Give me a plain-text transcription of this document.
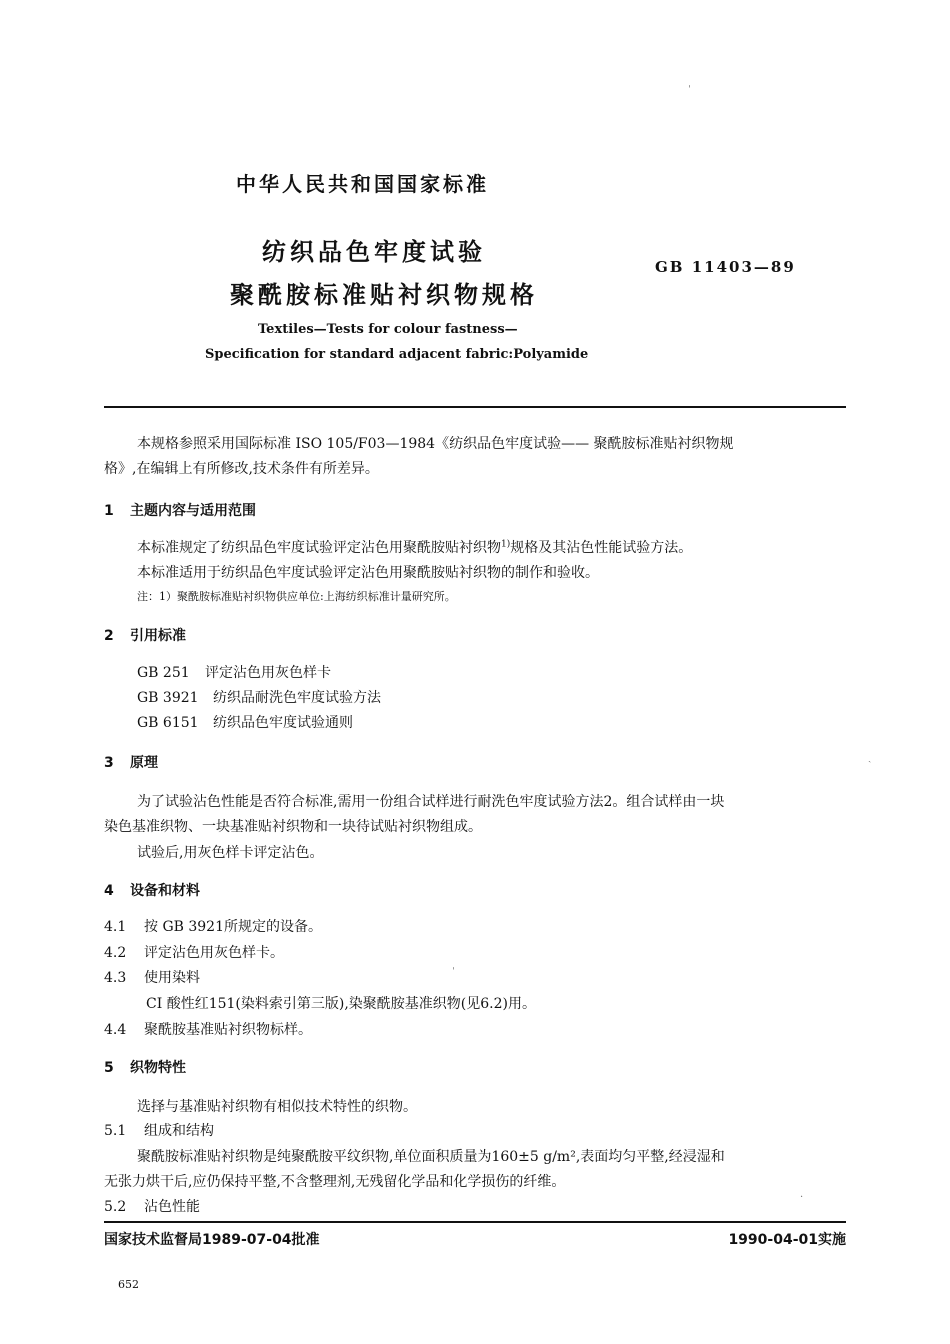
中华人民共和国国家标准
纺织品色牢度试验
聚酰胺标准贴衬织物规格
GB 11403—89
Textiles—Tests for colour fastness—
Specification for standard adjacent fabric:Polyamide
本规格参照采用国际标准 ISO 105/F03—1984《纺织品色牢度试验—— 聚酰胺标准贴衬织物规
格》,在编辑上有所修改,技术条件有所差异。
1 主题内容与适用范围
本标准规定了纺织品色牢度试验评定沾色用聚酰胺贴衬织物$^{1)}$规格及其沾色性能试验方法。
本标准适用于纺织品色牢度试验评定沾色用聚酰胺贴衬织物的制作和验收。
注：1）聚酰胺标准贴衬织物供应单位:上海纺织标准计量研究所。
2 引用标准
GB 251 评定沾色用灰色样卡
GB 3921 纺织品耐洗色牢度试验方法
GB 6151 纺织品色牢度试验通则
3 原理
为了试验沾色性能是否符合标准,需用一份组合试样进行耐洗色牢度试验方法2。组合试样由一块
染色基准织物、一块基准贴衬织物和一块待试贴衬织物组成。
试验后,用灰色样卡评定沾色。
4 设备和材料
4.1 按 GB 3921所规定的设备。
4.2 评定沾色用灰色样卡。
4.3 使用染料
CI 酸性红151(染料索引第三版),染聚酰胺基准织物(见6.2)用。
4.4 聚酰胺基准贴衬织物标样。
5 织物特性
选择与基准贴衬织物有相似技术特性的织物。
5.1 组成和结构
聚酰胺标准贴衬织物是纯聚酰胺平纹织物,单位面积质量为160±5 g/m²,表面均匀平整,经浸湿和
无张力烘干后,应仍保持平整,不含整理剂,无残留化学品和化学损伤的纤维。
5.2 沾色性能
国家技术监督局1989-07-04批准	1990-04-01实施
652
ˌ
ˎ
ˌ
·
